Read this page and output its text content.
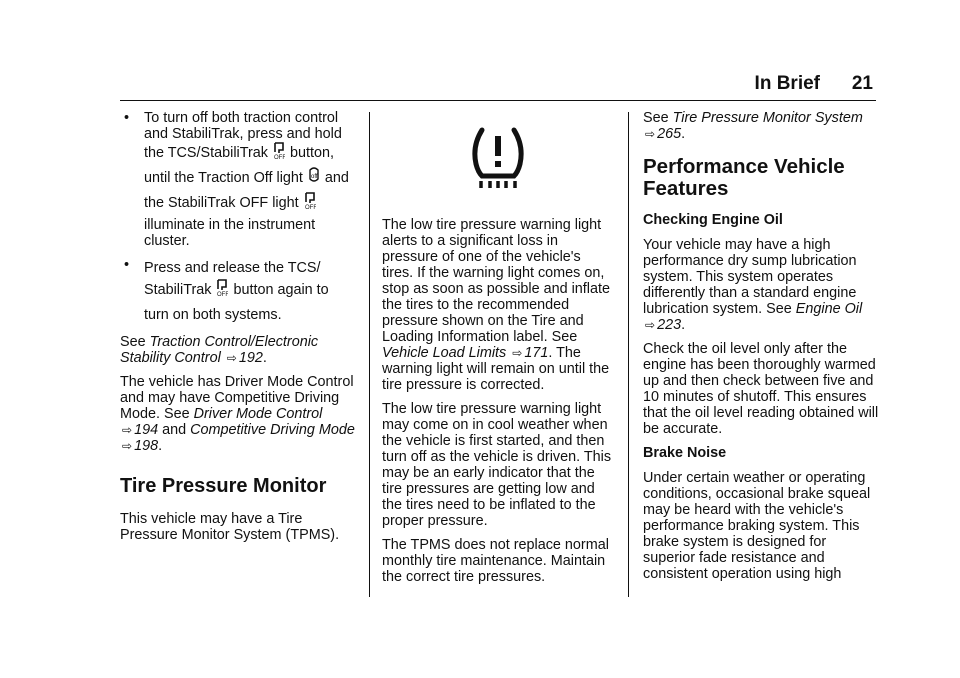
In Brief 21
• To turn off both traction control and StabiliTrak, press and hold
the TCS/StabiliTrak OFF button,
until the Traction Off light off and
the StabiliTrak OFF light OFF
illuminate in the instrument cluster.
• Press and release the TCS/
StabiliTrak OFF button again to
turn on both systems.

See Traction Control/Electronic Stability Control ⇨ 192.

The vehicle has Driver Mode Control and may have Competitive Driving Mode. See Driver Mode Control ⇨ 194 and Competitive Driving Mode ⇨ 198.

Tire Pressure Monitor

This vehicle may have a Tire Pressure Monitor System (TPMS).

The low tire pressure warning light alerts to a significant loss in pressure of one of the vehicle's tires. If the warning light comes on, stop as soon as possible and inflate the tires to the recommended pressure shown on the Tire and Loading Information label. See Vehicle Load Limits ⇨ 171. The warning light will remain on until the tire pressure is corrected.

The low tire pressure warning light may come on in cool weather when the vehicle is first started, and then turn off as the vehicle is driven. This may be an early indicator that the tire pressures are getting low and the tires need to be inflated to the proper pressure.

The TPMS does not replace normal monthly tire maintenance. Maintain the correct tire pressures.

See Tire Pressure Monitor System ⇨ 265.

Performance Vehicle Features
Checking Engine Oil

Your vehicle may have a high performance dry sump lubrication system. This system operates differently than a standard engine lubrication system. See Engine Oil ⇨ 223.

Check the oil level only after the engine has been thoroughly warmed up and then check between five and 10 minutes of shutoff. This ensures that the oil level reading obtained will be accurate.

Brake Noise

Under certain weather or operating conditions, occasional brake squeal may be heard with the vehicle's performance braking system. This brake system is designed for superior fade resistance and consistent operation using high
